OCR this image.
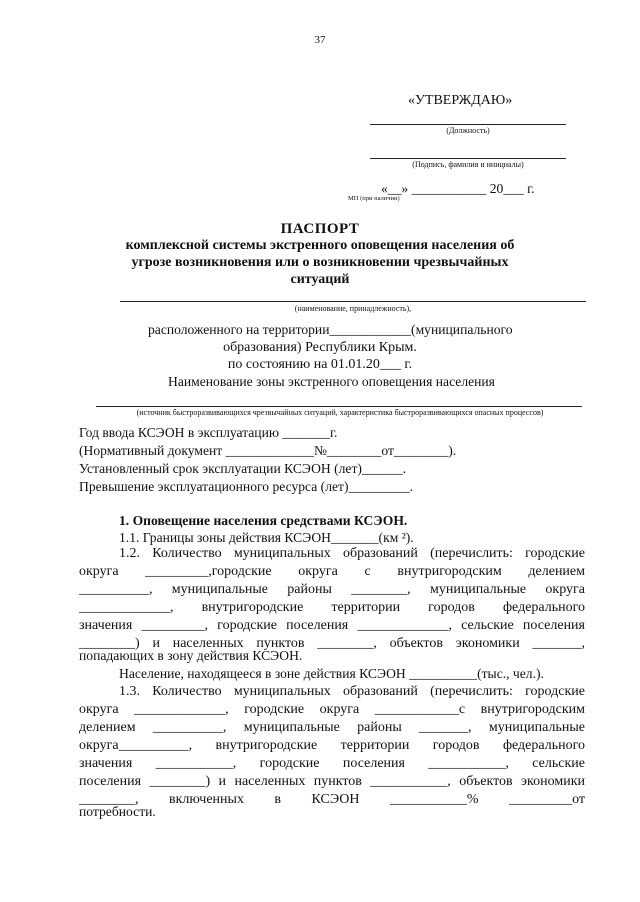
37
«УТВЕРЖДАЮ»
(Должность)
(Подпись, фамилия и инициалы)
«__» ___________ 20___ г.
МП (при наличии)
ПАСПОРТ
комплексной системы экстренного оповещения населения об
угрозе возникновения или о возникновении чрезвычайных
ситуаций
(наименование, принадлежность),
расположенного на территории____________(муниципального
образования) Республики Крым.
по состоянию на 01.01.20___ г.
Наименование зоны экстренного оповещения населения
(источник быстроразвивающихся чрезвычайных ситуаций, характеристика быстроразвивающихся опасных процессов)
Год ввода КСЭОН в эксплуатацию _______г.
(Нормативный документ _____________№________от________).
Установленный срок эксплуатации КСЭОН (лет)______.
Превышение эксплуатационного ресурса (лет)_________.
1. Оповещение населения средствами КСЭОН.
1.1. Границы зоны действия КСЭОН_______(км ²).
1.2. Количество муниципальных образований (перечислить: городские
округа _________,городские округа с внутригородским делением
__________, муниципальные районы ________, муниципальные округа
_____________, внутригородские территории городов федерального
значения _________, городские поселения _____________, сельские поселения
________) и населенных пунктов ________, объектов экономики _______,
попадающих в зону действия КСЭОН.
Население, находящееся в зоне действия КСЭОН __________(тыс., чел.).
1.3. Количество муниципальных образований (перечислить: городские
округа _____________, городские округа ____________с внутригородским
делением __________, муниципальные районы _______, муниципальные
округа__________, внутригородские территории городов федерального
значения ___________, городские поселения ___________, сельские
поселения ________) и населенных пунктов ___________, объектов экономики
________, включенных в КСЭОН ___________% _________от
потребности.
